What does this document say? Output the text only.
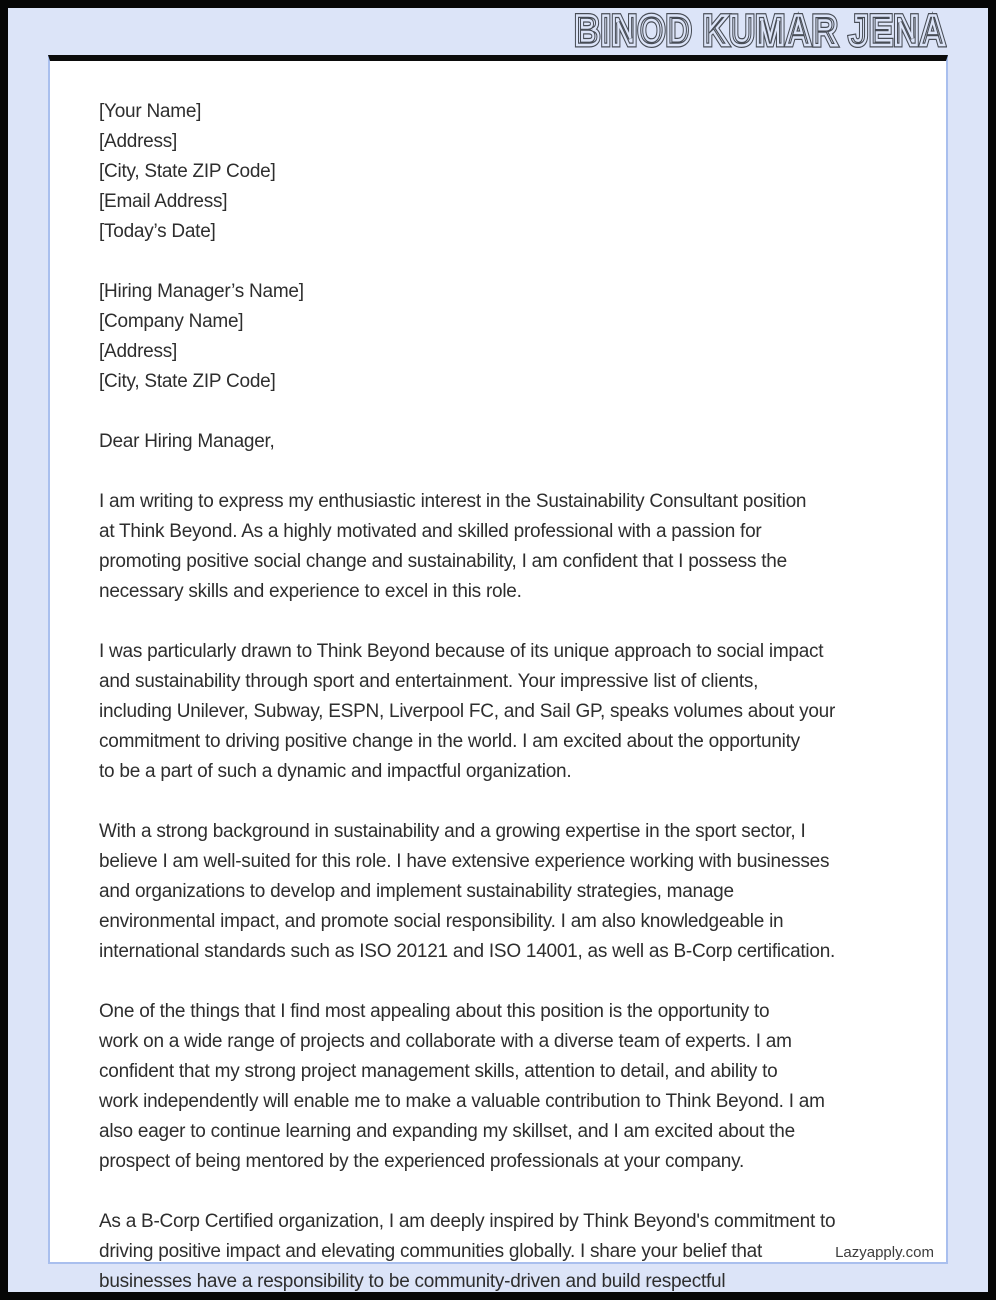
BINOD KUMAR JENA BINOD KUMAR JENA
[Your Name]
[Address]
[City, State ZIP Code]
[Email Address]
[Today’s Date]
[Hiring Manager’s Name]
[Company Name]
[Address]
[City, State ZIP Code]
Dear Hiring Manager,
I am writing to express my enthusiastic interest in the Sustainability Consultant position
at Think Beyond. As a highly motivated and skilled professional with a passion for
promoting positive social change and sustainability, I am confident that I possess the
necessary skills and experience to excel in this role.
I was particularly drawn to Think Beyond because of its unique approach to social impact
and sustainability through sport and entertainment. Your impressive list of clients,
including Unilever, Subway, ESPN, Liverpool FC, and Sail GP, speaks volumes about your
commitment to driving positive change in the world. I am excited about the opportunity
to be a part of such a dynamic and impactful organization.
With a strong background in sustainability and a growing expertise in the sport sector, I
believe I am well-suited for this role. I have extensive experience working with businesses
and organizations to develop and implement sustainability strategies, manage
environmental impact, and promote social responsibility. I am also knowledgeable in
international standards such as ISO 20121 and ISO 14001, as well as B-Corp certification.
One of the things that I find most appealing about this position is the opportunity to
work on a wide range of projects and collaborate with a diverse team of experts. I am
confident that my strong project management skills, attention to detail, and ability to
work independently will enable me to make a valuable contribution to Think Beyond. I am
also eager to continue learning and expanding my skillset, and I am excited about the
prospect of being mentored by the experienced professionals at your company.
As a B-Corp Certified organization, I am deeply inspired by Think Beyond's commitment to
driving positive impact and elevating communities globally. I share your belief that
businesses have a responsibility to be community-driven and build respectful
Lazyapply.com
